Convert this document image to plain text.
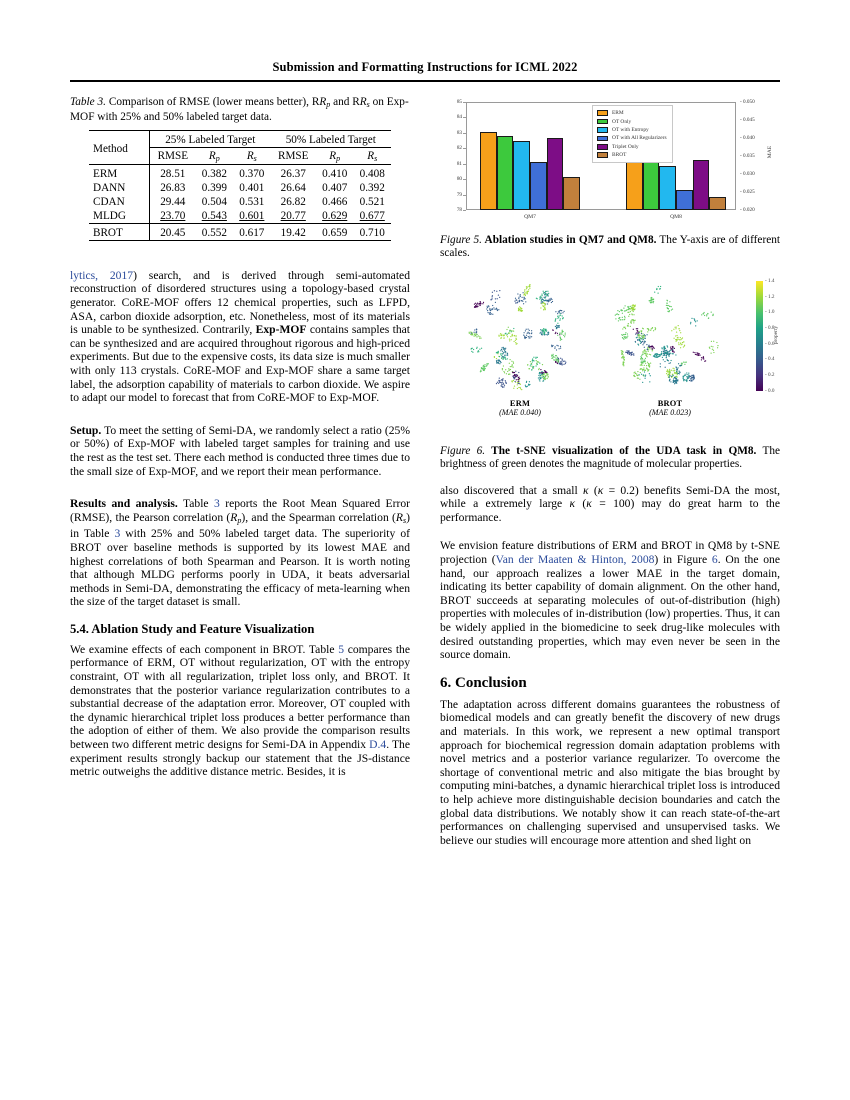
Submission and Formatting Instructions for ICML 2022
Table 3. Comparison of RMSE (lower means better), $RR_p$ and $RR_s$ on Exp-MOF with 25% and 50% labeled target data.
Method	25% Labeled Target			50% Labeled Target		

	RMSE	$R_p$	$R_s$	RMSE	$R_p$	$R_s$
ERM	28.51	0.382	0.370	26.37	0.410	0.408
DANN	26.83	0.399	0.401	26.64	0.407	0.392
CDAN	29.44	0.504	0.531	26.82	0.466	0.521
MLDG	23.70	0.543	0.601	20.77	0.629	0.677
BROT	20.45	0.552	0.617	19.42	0.659	0.710

lytics, 2017) search, and is derived through semi-automated reconstruction of disordered structures using a topology-based crystal generator. CoRE-MOF offers 12 chemical properties, such as LFPD, ASA, carbon dioxide adsorption, etc. Nonetheless, most of its materials is unable to be synthesized. Contrarily, Exp-MOF contains samples that can be synthesized and are acquired throughout rigorous and high-priced experiments. But due to the expensive costs, its data size is much smaller with only 113 crystals. CoRE-MOF and Exp-MOF share a same target label, the adsorption capability of materials to carbon dioxide. We aspire to adapt our model to forecast that from CoRE-MOF to Exp-MOF.

Setup. To meet the setting of Semi-DA, we randomly select a ratio (25% or 50%) of Exp-MOF with labeled target samples for training and use the rest as the test set. There each method is conducted three times due to the small size of Exp-MOF, and we report their mean performance.

Results and analysis. Table 3 reports the Root Mean Squared Error (RMSE), the Pearson correlation $(R_p)$, and the Spearman correlation $(R_s)$ in Table 3 with 25% and 50% labeled target data. The superiority of BROT over baseline methods is supported by its lowest MAE and highest correlations of both Spearman and Pearson. It is worth noting that although MLDG performs poorly in UDA, it beats adversarial methods in Semi-DA, demonstrating the efficacy of meta-learning when the size of the target dataset is small.

5.4. Ablation Study and Feature Visualization

We examine effects of each component in BROT. Table 5 compares the performance of ERM, OT without regularization, OT with the entropy constraint, OT with all regularization, triplet loss only, and BROT. It demonstrates that the posterior variance regularization contributes to a substantial decrease of the adaptation error. Moreover, OT coupled with the dynamic hierarchical triplet loss produces a better performance than the adoption of either of them. We also provide the comparison results between two different metric designs for Semi-DA in Appendix D.4. The experiment results strongly backup our statement that the JS-distance metric outweighs the additive distance metric. Besides, it is

78
79
80
81
82
83
84
85
- 0.020
- 0.025
- 0.030
- 0.035
- 0.040
- 0.045
- 0.050
QM7	QM8
MAE
ERM
OT Only
OT with Entropy
OT with All Regularizers
Triplet Only
BROT
Figure 5. Ablation studies in QM7 and QM8. The Y-axis are of different scales.
- 1.4
- 1.2
- 1.0
- 0.8
- 0.6
- 0.4
- 0.2
- 0.0
property
ERM
(MAE 0.040)
BROT
(MAE 0.023)
Figure 6. The t-SNE visualization of the UDA task in QM8. The brightness of green denotes the magnitude of molecular properties.

also discovered that a small κ (κ = 0.2) benefits Semi-DA the most, while a extremely large κ (κ = 100) may do great harm to the performance.

We envision feature distributions of ERM and BROT in QM8 by t-SNE projection (Van der Maaten & Hinton, 2008) in Figure 6. On the one hand, our approach realizes a lower MAE in the target domain, indicating its better capability of domain alignment. On the other hand, BROT succeeds at separating molecules of out-of-distribution (high) properties with molecules of in-distribution (low) properties. Thus, it can be widely applied in the biomedicine to seek drug-like molecules with desired outstanding properties, which may even never be seen in the source domain.

6. Conclusion

The adaptation across different domains guarantees the robustness of biomedical models and can greatly benefit the discovery of new drugs and materials. In this work, we represent a new optimal transport approach for biochemical regression domain adaptation problems with novel metrics and a posterior variance regularizer. To overcome the shortage of conventional metric and also mitigate the bias brought by computing mini-batches, a dynamic hierarchical triplet loss is introduced to help achieve more distinguishable decision boundaries and catch the global data distributions. We notably show it can reach state-of-the-art performances on challenging supervised and unsupervised tasks. We believe our studies will encourage more attention and shed light on
